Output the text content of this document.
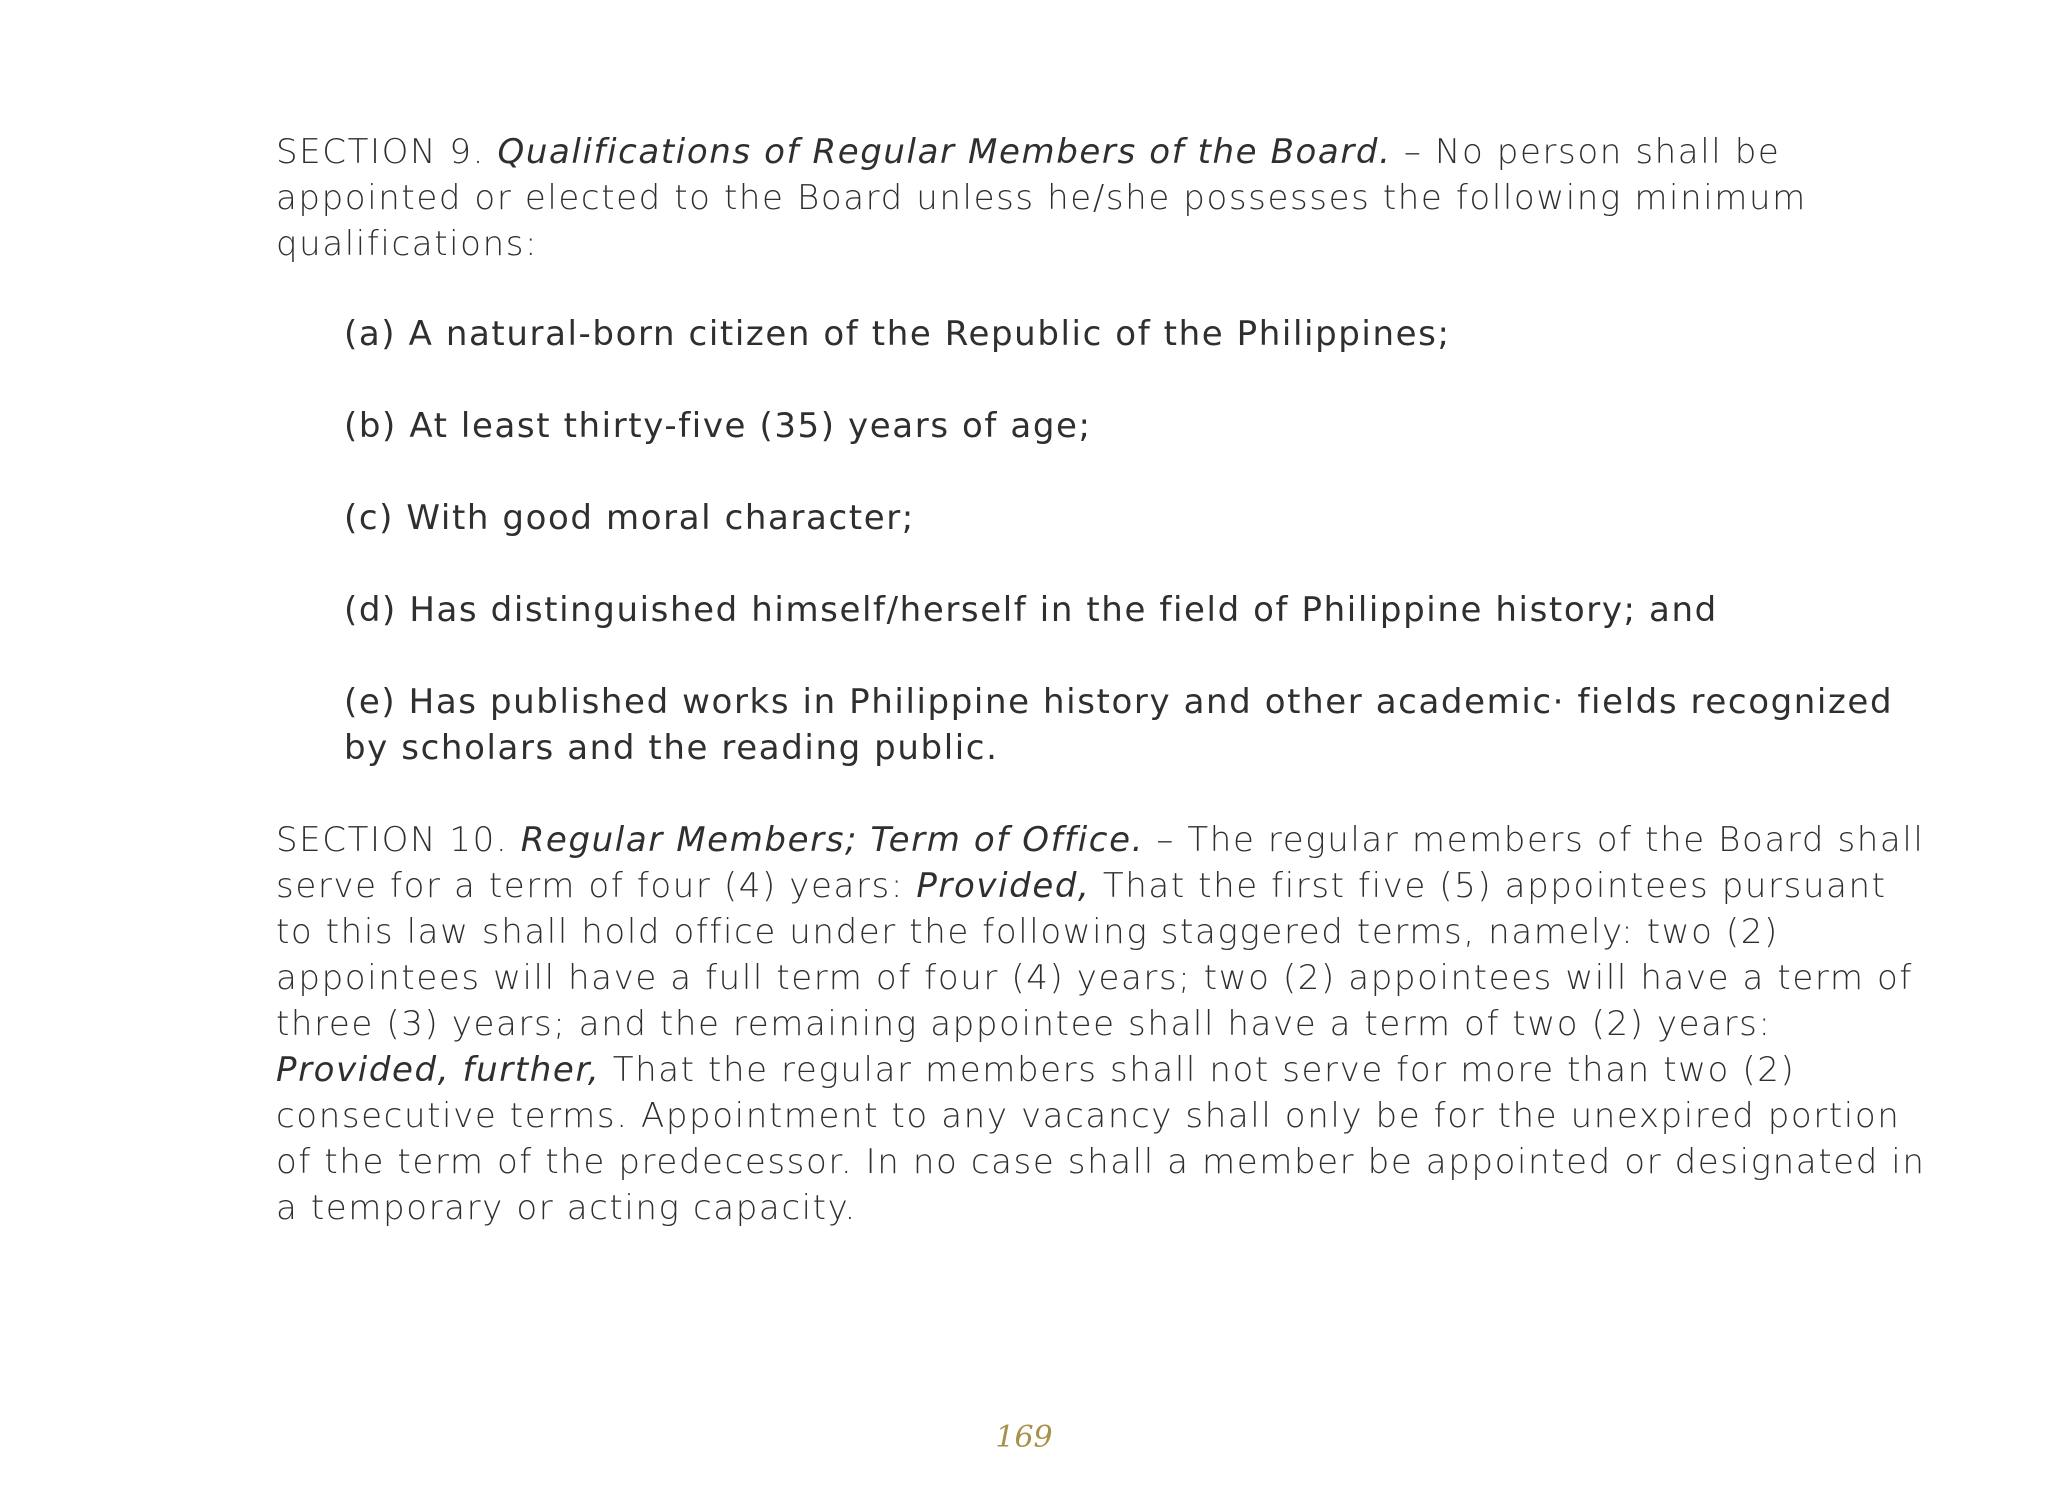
SECTION 9. Qualifications of Regular Members of the Board. – No person shall be appointed or elected to the Board unless he/she possesses the following minimum qualifications:

(a) A natural-born citizen of the Republic of the Philippines;
(b) At least thirty-five (35) years of age;
(c) With good moral character;
(d) Has distinguished himself/herself in the field of Philippine history; and
(e) Has published works in Philippine history and other academic· fields recognized by scholars and the reading public.

SECTION 10. Regular Members; Term of Office. – The regular members of the Board shall serve for a term of four (4) years: Provided, That the first five (5) appointees pursuant to this law shall hold office under the following staggered terms, namely: two (2) appointees will have a full term of four (4) years; two (2) appointees will have a term of three (3) years; and the remaining appointee shall have a term of two (2) years: Provided, further, That the regular members shall not serve for more than two (2) consecutive terms. Appointment to any vacancy shall only be for the unexpired portion of the term of the predecessor. In no case shall a member be appointed or designated in a temporary or acting capacity.

169
